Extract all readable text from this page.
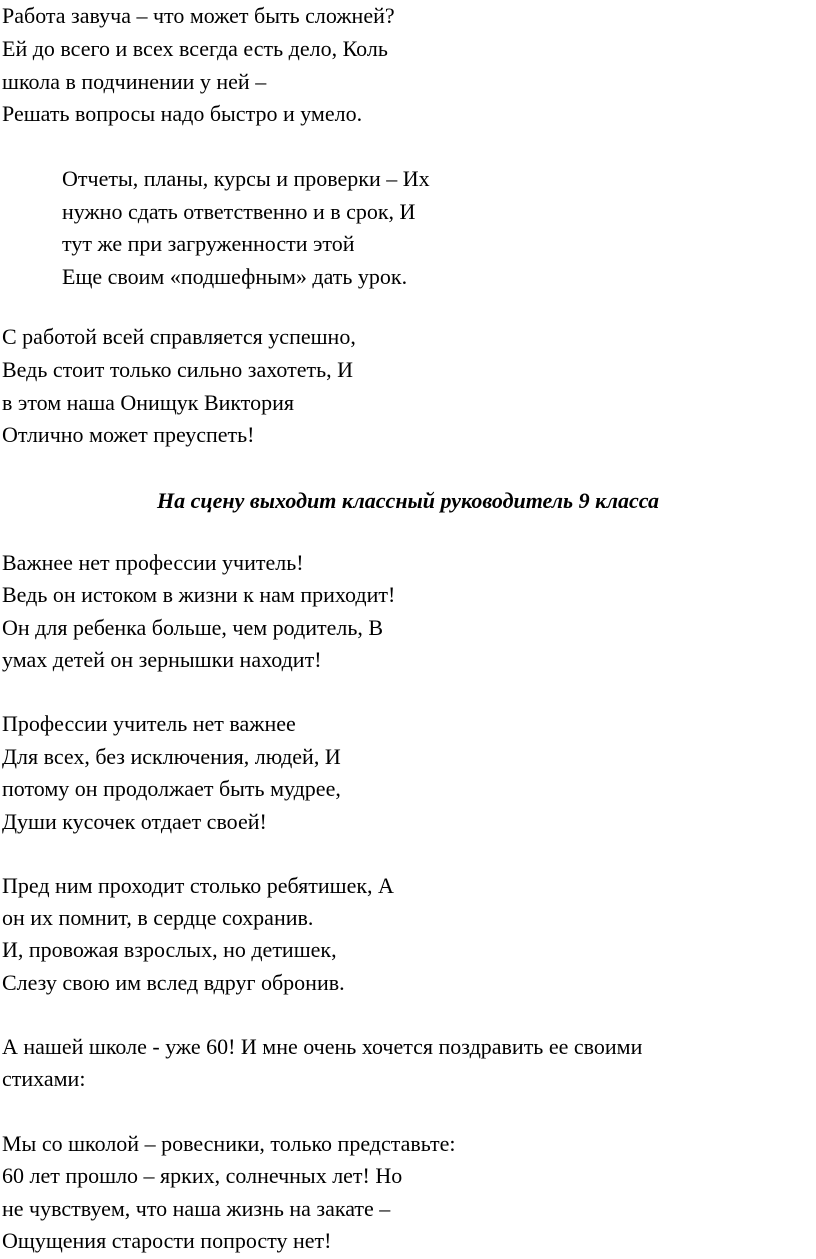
Работа завуча – что может быть сложней?
Ей до всего и всех всегда есть дело, Коль
школа в подчинении у ней –
Решать вопросы надо быстро и умело.
Отчеты, планы, курсы и проверки – Их
нужно сдать ответственно и в срок, И
тут же при загруженности этой
Еще своим «подшефным» дать урок.
С работой всей справляется успешно,
Ведь стоит только сильно захотеть, И
в этом наша Онищук Виктория
Отлично может преуспеть!
На сцену выходит классный руководитель 9 класса
Важнее нет профессии учитель!
Ведь он истоком в жизни к нам приходит!
Он для ребенка больше, чем родитель, В
умах детей он зернышки находит!
Профессии учитель нет важнее
Для всех, без исключения, людей, И
потому он продолжает быть мудрее,
Души кусочек отдает своей!
Пред ним проходит столько ребятишек, А
он их помнит, в сердце сохранив.
И, провожая взрослых, но детишек,
Слезу свою им вслед вдруг обронив.
А нашей школе - уже 60! И мне очень хочется поздравить ее своими
стихами:
Мы со школой – ровесники, только представьте:
60 лет прошло – ярких, солнечных лет! Но
не чувствуем, что наша жизнь на закате –
Ощущения старости попросту нет!
